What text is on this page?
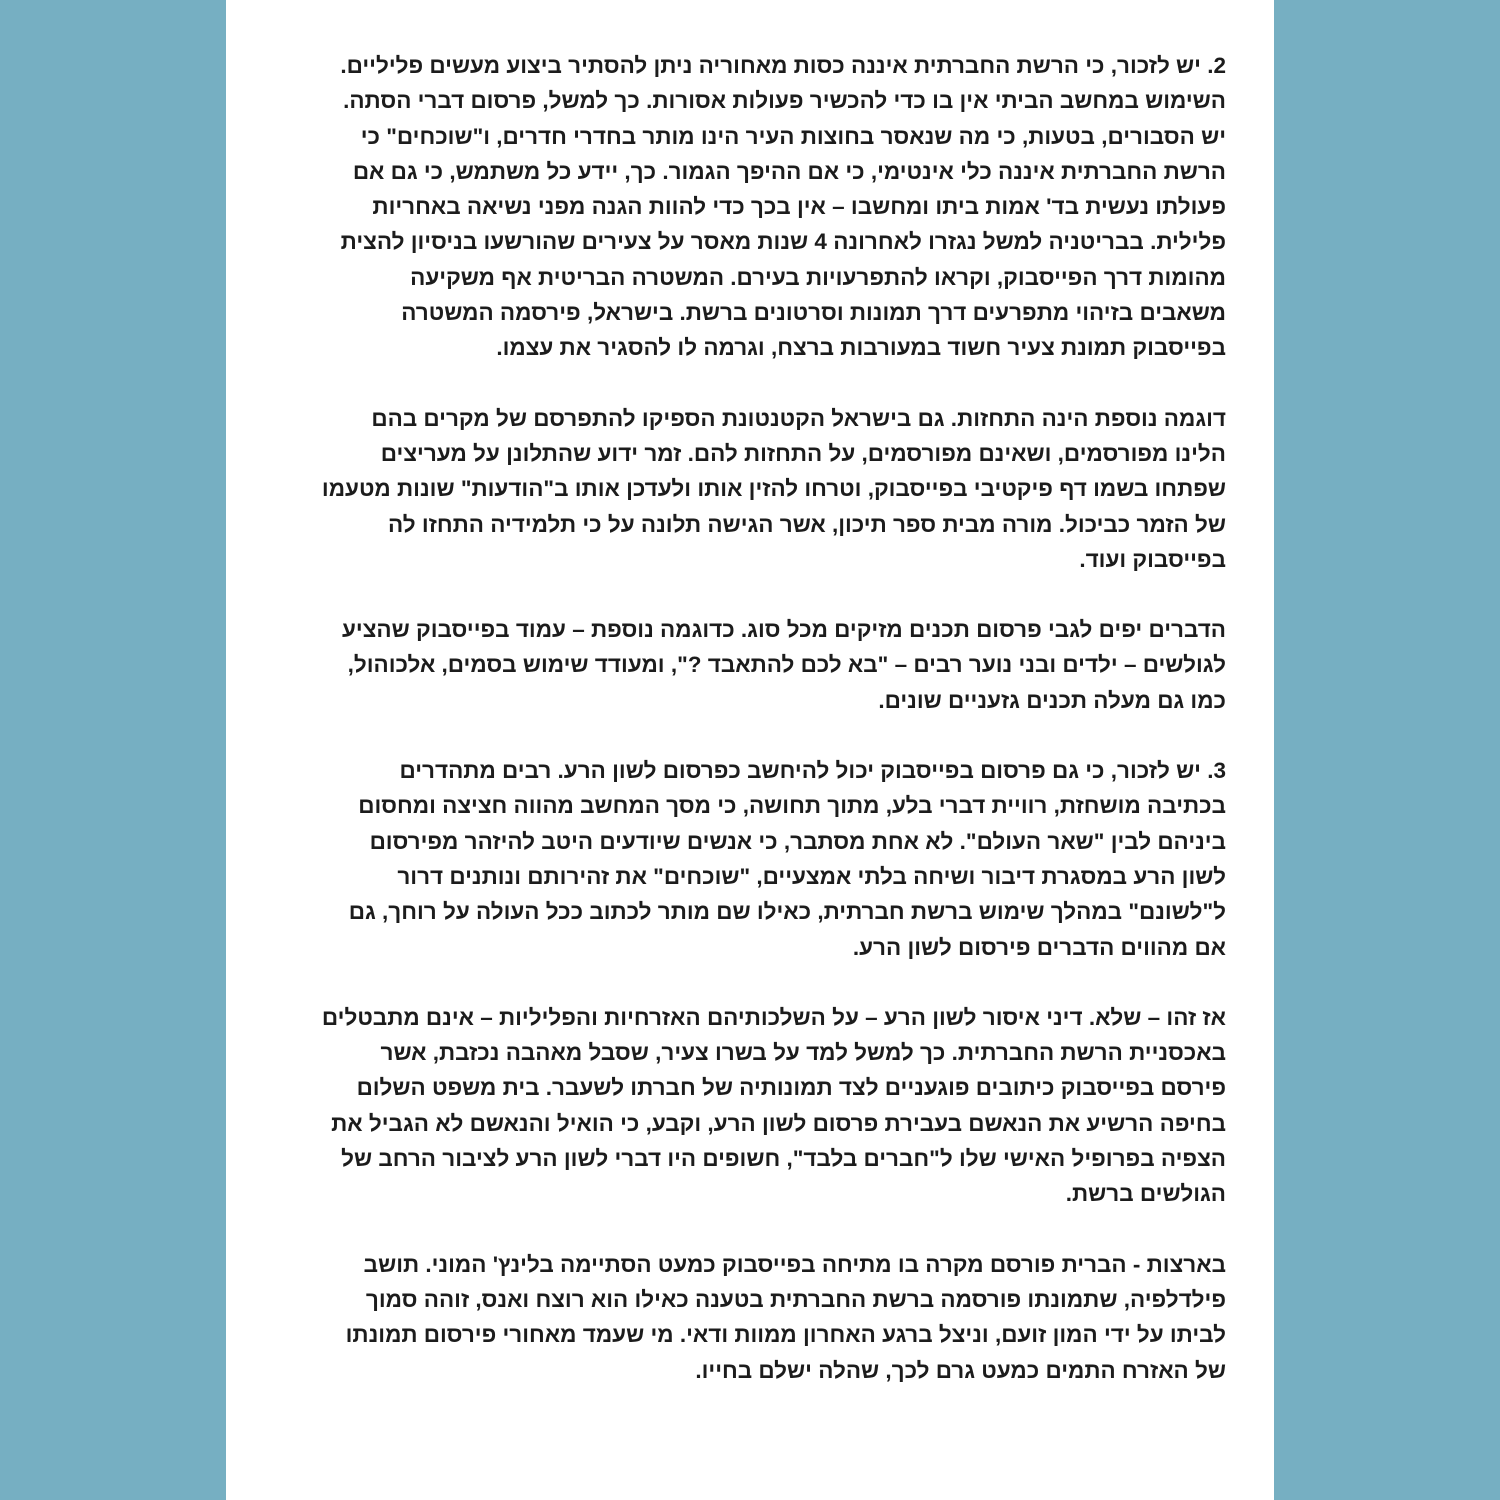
2. יש לזכור, כי הרשת החברתית איננה כסות מאחוריה ניתן להסתיר ביצוע מעשים פליליים. השימוש במחשב הביתי אין בו כדי להכשיר פעולות אסורות. כך למשל, פרסום דברי הסתה. יש הסבורים, בטעות, כי מה שנאסר בחוצות העיר הינו מותר בחדרי חדרים, ו"שוכחים" כי הרשת החברתית איננה כלי אינטימי, כי אם ההיפך הגמור. כך, יידע כל משתמש, כי גם אם פעולתו נעשית בד' אמות ביתו ומחשבו – אין בכך כדי להוות הגנה מפני נשיאה באחריות פלילית. בבריטניה למשל נגזרו לאחרונה 4 שנות מאסר על צעירים שהורשעו בניסיון להצית מהומות דרך הפייסבוק, וקראו להתפרעויות בעירם. המשטרה הבריטית אף משקיעה משאבים בזיהוי מתפרעים דרך תמונות וסרטונים ברשת. בישראל, פירסמה המשטרה בפייסבוק תמונת צעיר חשוד במעורבות ברצח, וגרמה לו להסגיר את עצמו.

דוגמה נוספת הינה התחזות. גם בישראל הקטנטונת הספיקו להתפרסם של מקרים בהם הלינו מפורסמים, ושאינם מפורסמים, על התחזות להם. זמר ידוע שהתלונן על מעריצים שפתחו בשמו דף פיקטיבי בפייסבוק, וטרחו להזין אותו ולעדכן אותו ב"הודעות" שונות מטעמו של הזמר כביכול. מורה מבית ספר תיכון, אשר הגישה תלונה על כי תלמידיה התחזו לה בפייסבוק ועוד.

הדברים יפים לגבי פרסום תכנים מזיקים מכל סוג. כדוגמה נוספת – עמוד בפייסבוק שהציע לגולשים – ילדים ובני נוער רבים – "בא לכם להתאבד ?", ומעודד שימוש בסמים, אלכוהול, כמו גם מעלה תכנים גזעניים שונים.

3. יש לזכור, כי גם פרסום בפייסבוק יכול להיחשב כפרסום לשון הרע. רבים מתהדרים בכתיבה מושחזת, רוויית דברי בלע, מתוך תחושה, כי מסך המחשב מהווה חציצה ומחסום ביניהם לבין "שאר העולם". לא אחת מסתבר, כי אנשים שיודעים היטב להיזהר מפירסום לשון הרע במסגרת דיבור ושיחה בלתי אמצעיים, "שוכחים" את זהירותם ונותנים דרור ל"לשונם" במהלך שימוש ברשת חברתית, כאילו שם מותר לכתוב ככל העולה על רוחך, גם אם מהווים הדברים פירסום לשון הרע.

אז זהו – שלא. דיני איסור לשון הרע – על השלכותיהם האזרחיות והפליליות – אינם מתבטלים באכסניית הרשת החברתית. כך למשל למד על בשרו צעיר, שסבל מאהבה נכזבת, אשר פירסם בפייסבוק כיתובים פוגעניים לצד תמונותיה של חברתו לשעבר. בית משפט השלום בחיפה הרשיע את הנאשם בעבירת פרסום לשון הרע, וקבע, כי הואיל והנאשם לא הגביל את הצפיה בפרופיל האישי שלו ל"חברים בלבד", חשופים היו דברי לשון הרע לציבור הרחב של הגולשים ברשת.

בארצות - הברית פורסם מקרה בו מתיחה בפייסבוק כמעט הסתיימה בלינץ' המוני. תושב פילדלפיה, שתמונתו פורסמה ברשת החברתית בטענה כאילו הוא רוצח ואנס, זוהה סמוך לביתו על ידי המון זועם, וניצל ברגע האחרון ממוות ודאי. מי שעמד מאחורי פירסום תמונתו של האזרח התמים כמעט גרם לכך, שהלה ישלם בחייו.
